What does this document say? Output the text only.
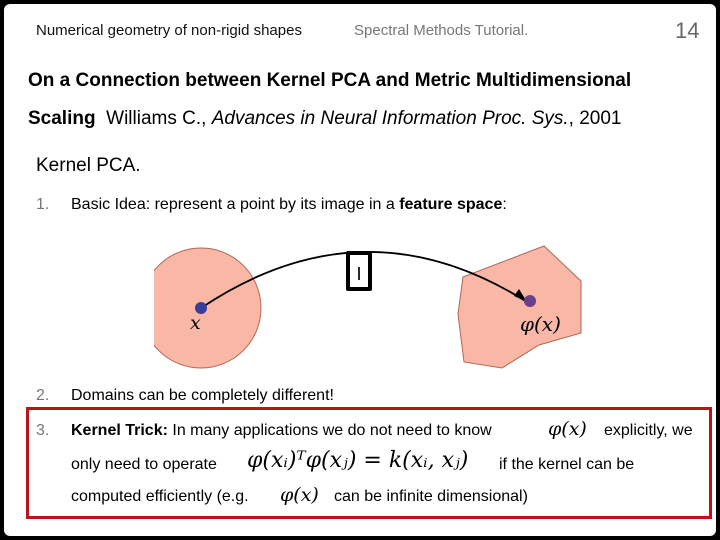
Numerical geometry of non-rigid shapes	Spectral Methods Tutorial.	14
On a Connection between Kernel PCA and Metric Multidimensional
Scaling Williams C., Advances in Neural Information Proc. Sys., 2001
Kernel PCA.
1. Basic Idea: represent a point by its image in a feature space:
I
x	φ(x)
2. Domains can be completely different!
3. Kernel Trick: In many applications we do not need to know	φ(x) explicitly, we
only need to operate φ(xᵢ)ᵀφ(xⱼ) = k(xᵢ, xⱼ) if the kernel can be
computed efficiently (e.g. φ(x) can be infinite dimensional)
